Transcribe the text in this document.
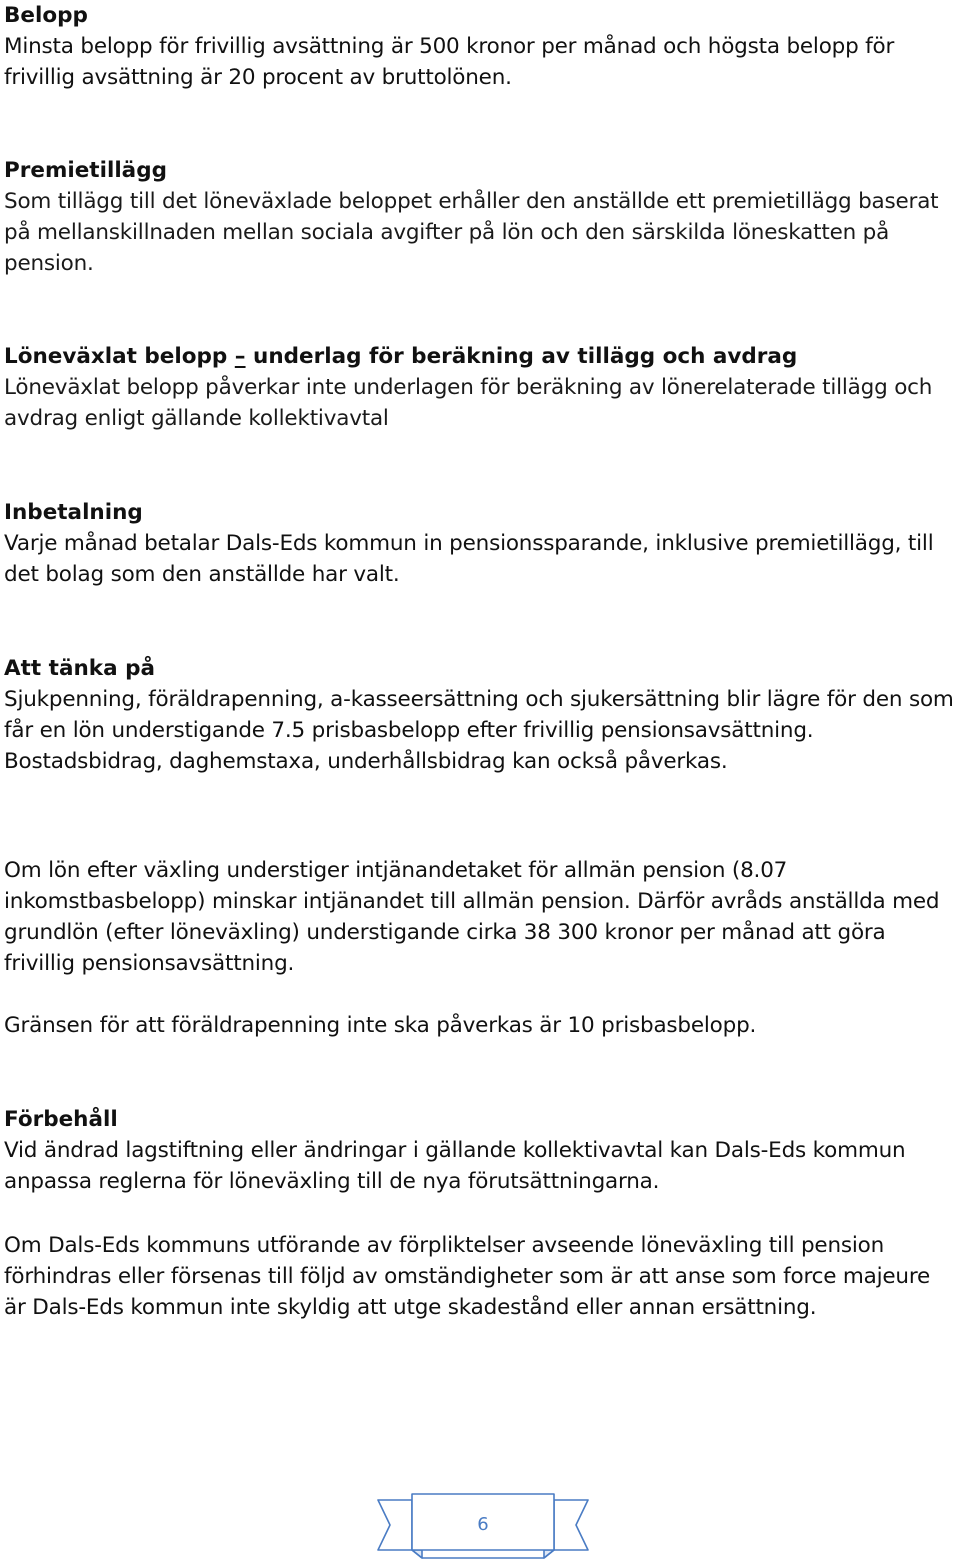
Belopp

Minsta belopp för frivillig avsättning är 500 kronor per månad och högsta belopp för frivillig avsättning är 20 procent av bruttolönen.

Premietillägg

Som tillägg till det löneväxlade beloppet erhåller den anställde ett premietillägg baserat på mellanskillnaden mellan sociala avgifter på lön och den särskilda löneskatten på pension.

Löneväxlat belopp – underlag för beräkning av tillägg och avdrag

Löneväxlat belopp påverkar inte underlagen för beräkning av lönerelaterade tillägg och avdrag enligt gällande kollektivavtal

Inbetalning

Varje månad betalar Dals-Eds kommun in pensionssparande, inklusive premietillägg, till det bolag som den anställde har valt.

Att tänka på

Sjukpenning, föräldrapenning, a-kasseersättning och sjukersättning blir lägre för den som får en lön understigande 7.5 prisbasbelopp efter frivillig pensionsavsättning. Bostadsbidrag, daghemstaxa, underhållsbidrag kan också påverkas.

Om lön efter växling understiger intjänandetaket för allmän pension (8.07 inkomstbasbelopp) minskar intjänandet till allmän pension. Därför avråds anställda med grundlön (efter löneväxling) understigande cirka 38 300 kronor per månad att göra frivillig pensionsavsättning.

Gränsen för att föräldrapenning inte ska påverkas är 10 prisbasbelopp.

Förbehåll

Vid ändrad lagstiftning eller ändringar i gällande kollektivavtal kan Dals-Eds kommun anpassa reglerna för löneväxling till de nya förutsättningarna.

Om Dals-Eds kommuns utförande av förpliktelser avseende löneväxling till pension förhindras eller försenas till följd av omständigheter som är att anse som force majeure är Dals-Eds kommun inte skyldig att utge skadestånd eller annan ersättning.

6
